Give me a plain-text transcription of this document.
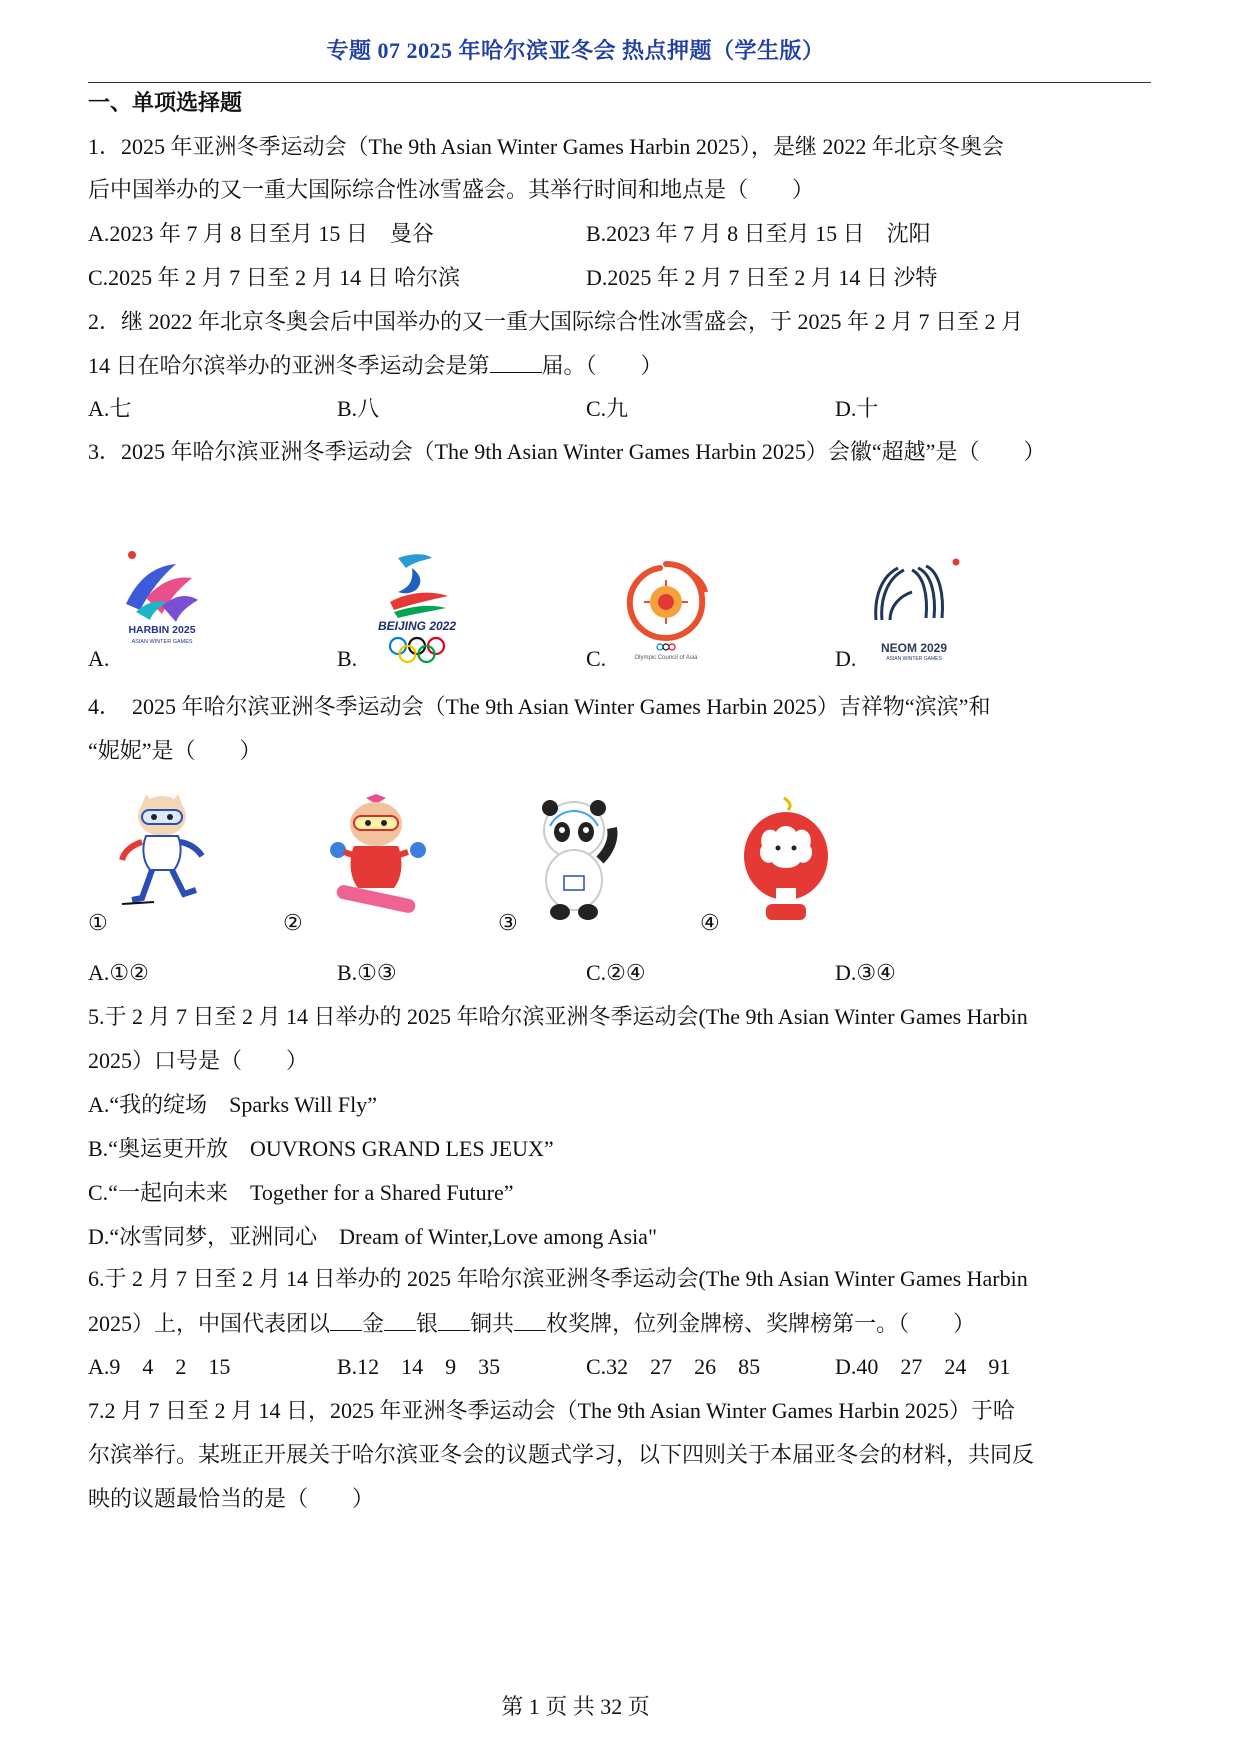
专题 07 2025 年哈尔滨亚冬会 热点押题（学生版）
一、单项选择题
1．2025 年亚洲冬季运动会（The 9th Asian Winter Games Harbin 2025），是继 2022 年北京冬奥会
后中国举办的又一重大国际综合性冰雪盛会。其举行时间和地点是（　　）
A.2023 年 7 月 8 日至月 15 日　曼谷	B.2023 年 7 月 8 日至月 15 日　沈阳
C.2025 年 2 月 7 日至 2 月 14 日 哈尔滨	D.2025 年 2 月 7 日至 2 月 14 日 沙特
2．继 2022 年北京冬奥会后中国举办的又一重大国际综合性冰雪盛会，于 2025 年 2 月 7 日至 2 月
14 日在哈尔滨举办的亚洲冬季运动会是第 届。（　　）
A.七	B.八	C.九	D.十
3．2025 年哈尔滨亚洲冬季运动会（The 9th Asian Winter Games Harbin 2025）会徽“超越”是（　　）
HARBIN 2025
ASIAN WINTER GAMES
A.
BEIJING 2022
B.	Olympic Council of Asia
C.	NEOM 2029
ASIAN WINTER GAMES
D.
4．　2025 年哈尔滨亚洲冬季运动会（The 9th Asian Winter Games Harbin 2025）吉祥物“滨滨”和
“妮妮”是（　　）
①	②	③	④
A.①②	B.①③	C.②④	D.③④
5.于 2 月 7 日至 2 月 14 日举办的 2025 年哈尔滨亚洲冬季运动会(The 9th Asian Winter Games Harbin
2025）口号是（　　）
A.“我的绽场　Sparks Will Fly”
B.“奥运更开放　OUVRONS GRAND LES JEUX”
C.“一起向未来　Together for a Shared Future”
D.“冰雪同梦，亚洲同心　Dream of Winter,Love among Asia"
6.于 2 月 7 日至 2 月 14 日举办的 2025 年哈尔滨亚洲冬季运动会(The 9th Asian Winter Games Harbin
2025）上，中国代表团以 金 银 铜共 枚奖牌，位列金牌榜、奖牌榜第一。（　　）
A.9　4　2　15	B.12　14　9　35	C.32　27　26　85	D.40　27　24　91
7.2 月 7 日至 2 月 14 日，2025 年亚洲冬季运动会（The 9th Asian Winter Games Harbin 2025）于哈
尔滨举行。某班正开展关于哈尔滨亚冬会的议题式学习，以下四则关于本届亚冬会的材料，共同反
映的议题最恰当的是（　　）
第 1 页 共 32 页
